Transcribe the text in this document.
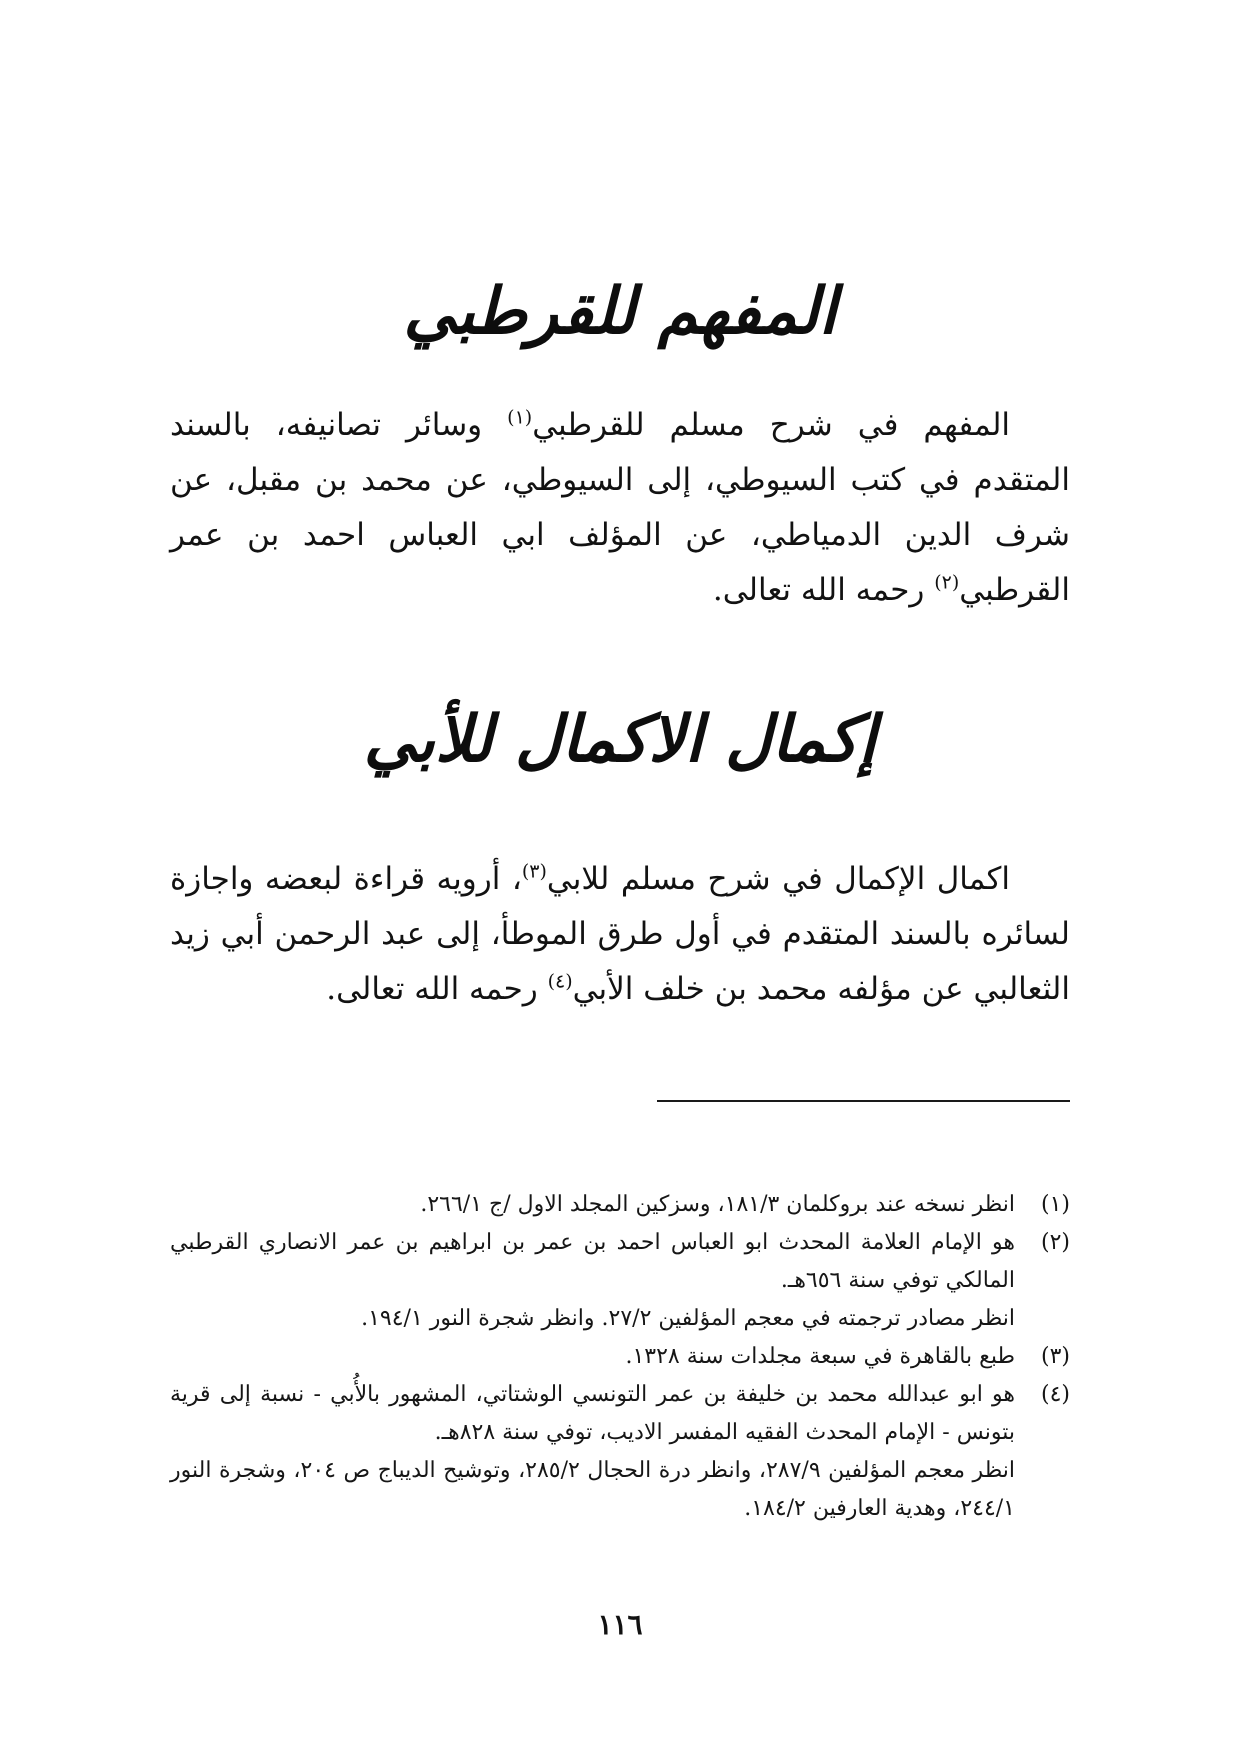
المفهم للقرطبي

المفهم في شرح مسلم للقرطبي

$^{(١)}$

وسائر تصانيفه، بالسند المتقدم في كتب السيوطي، إلى السيوطي، عن محمد بن مقبل، عن شرف الدين الدمياطي، عن المؤلف ابي العباس احمد بن عمر القرطبي

$^{(٢)}$

رحمه الله تعالى.

إكمال الاكمال للأبي

اكمال الإكمال في شرح مسلم للابي

$^{(٣)}$

، أرويه قراءة لبعضه واجازة لسائره بالسند المتقدم في أول طرق الموطأ، إلى عبد الرحمن أبي زيد الثعالبي عن مؤلفه محمد بن خلف الأبي

$^{(٤)}$

رحمه الله تعالى.

(١)
انظر نسخه عند بروكلمان ١٨١/٣، وسزكين المجلد الاول /ج ٢٦٦/١.
(٢)
هو الإمام العلامة المحدث ابو العباس احمد بن عمر بن ابراهيم بن عمر الانصاري القرطبي المالكي توفي سنة ٦٥٦هـ.
انظر مصادر ترجمته في معجم المؤلفين ٢٧/٢. وانظر شجرة النور ١٩٤/١.
(٣)
طبع بالقاهرة في سبعة مجلدات سنة ١٣٢٨.
(٤)
هو ابو عبدالله محمد بن خليفة بن عمر التونسي الوشتاتي، المشهور بالأُبي - نسبة إلى قرية بتونس - الإمام المحدث الفقيه المفسر الاديب، توفي سنة ٨٢٨هـ.
انظر معجم المؤلفين ٢٨٧/٩، وانظر درة الحجال ٢٨٥/٢، وتوشيح الديباج ص ٢٠٤، وشجرة النور ٢٤٤/١، وهدية العارفين ١٨٤/٢.
١١٦
